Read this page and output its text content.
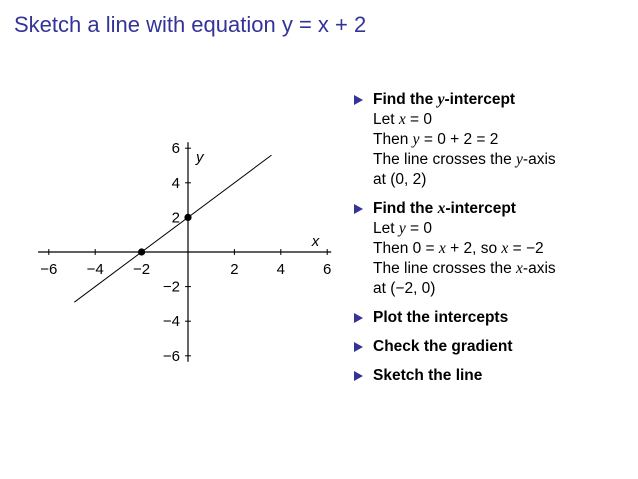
Sketch a line with equation y = x + 2
−6 −4 −2	2	4	6
−6
−4
−2
2
4
6
x
y
Find the y-intercept
Let x = 0
Then y = 0 + 2 = 2
The line crosses the y-axis
at (0, 2)
Find the x-intercept
Let y = 0
Then 0 = x + 2, so x = −2
The line crosses the x-axis
at (−2, 0)
Plot the intercepts
Check the gradient
Sketch the line
